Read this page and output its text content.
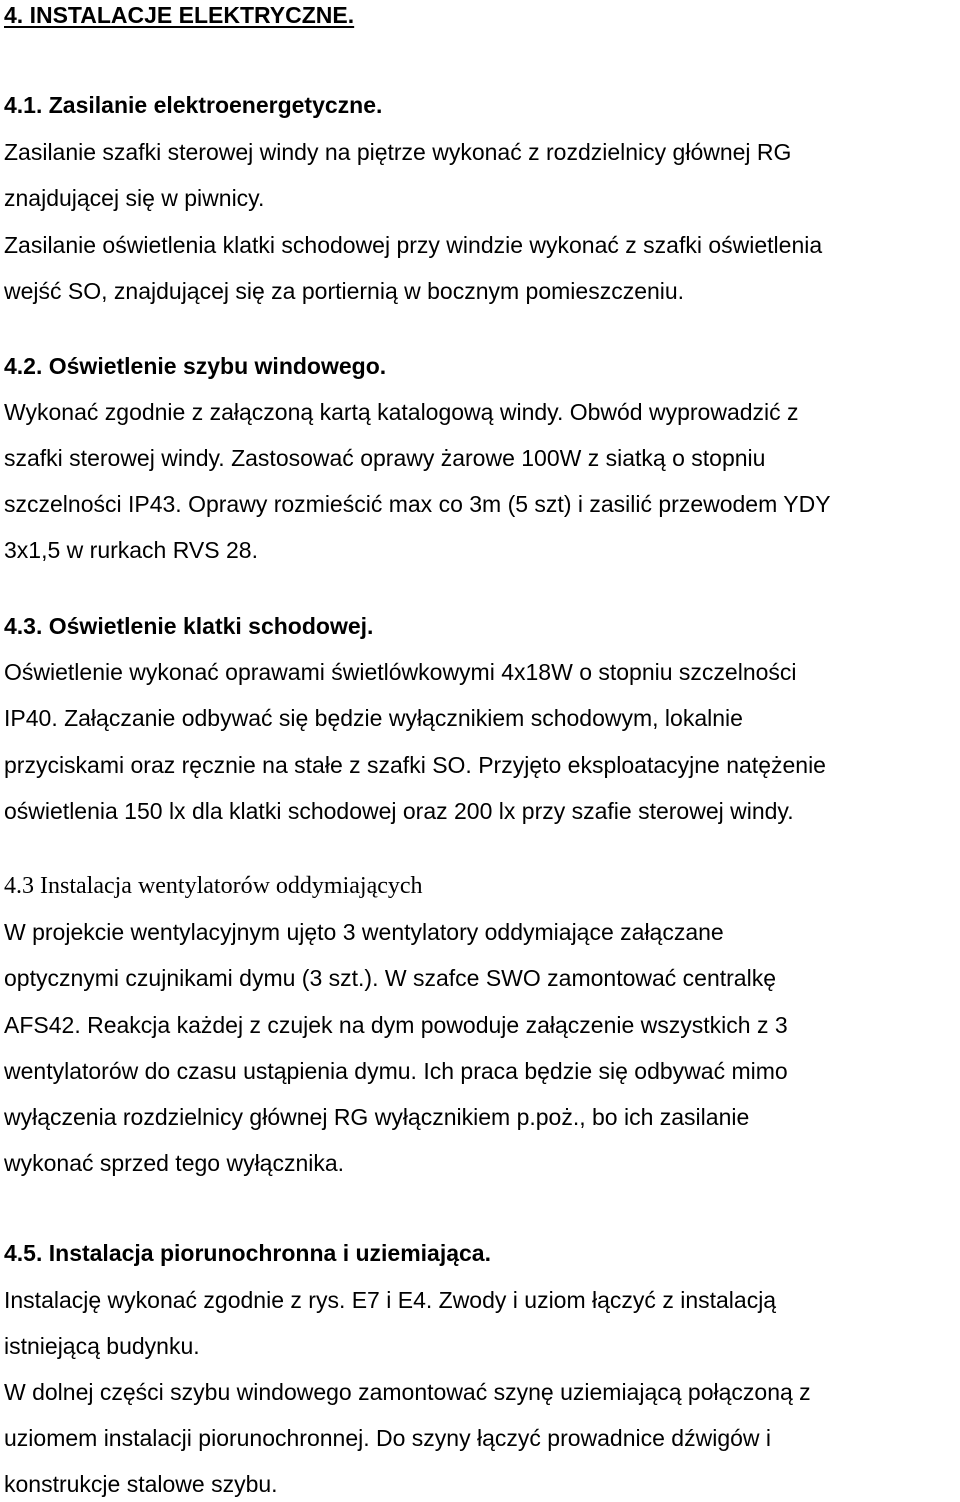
4. INSTALACJE ELEKTRYCZNE.
4.1. Zasilanie elektroenergetyczne.
Zasilanie szafki sterowej windy na piętrze wykonać z rozdzielnicy głównej RG
znajdującej się w piwnicy.
Zasilanie oświetlenia klatki schodowej przy windzie wykonać z szafki oświetlenia
wejść SO, znajdującej się za portiernią w bocznym pomieszczeniu.
4.2. Oświetlenie szybu windowego.
Wykonać zgodnie z załączoną kartą katalogową windy. Obwód wyprowadzić z
szafki sterowej windy. Zastosować oprawy żarowe 100W z siatką o stopniu
szczelności IP43. Oprawy rozmieścić max co 3m (5 szt) i zasilić przewodem YDY
3x1,5 w rurkach RVS 28.
4.3. Oświetlenie klatki schodowej.
Oświetlenie wykonać oprawami świetlówkowymi 4x18W o stopniu szczelności
IP40. Załączanie odbywać się będzie wyłącznikiem schodowym, lokalnie
przyciskami oraz ręcznie na stałe z szafki SO. Przyjęto eksploatacyjne natężenie
oświetlenia 150 lx dla klatki schodowej oraz 200 lx przy szafie sterowej windy.
4.3 Instalacja wentylatorów oddymiających
W projekcie wentylacyjnym ujęto 3 wentylatory oddymiające załączane
optycznymi czujnikami dymu (3 szt.). W szafce SWO zamontować centralkę
AFS42. Reakcja każdej z czujek na dym powoduje załączenie wszystkich z 3
wentylatorów do czasu ustąpienia dymu. Ich praca będzie się odbywać mimo
wyłączenia rozdzielnicy głównej RG wyłącznikiem p.poż., bo ich zasilanie
wykonać sprzed tego wyłącznika.
4.5. Instalacja piorunochronna i uziemiająca.
Instalację wykonać zgodnie z rys. E7 i E4. Zwody i uziom łączyć z instalacją
istniejącą budynku.
W dolnej części szybu windowego zamontować szynę uziemiającą połączoną z
uziomem instalacji piorunochronnej. Do szyny łączyć prowadnice dźwigów i
konstrukcje stalowe szybu.
